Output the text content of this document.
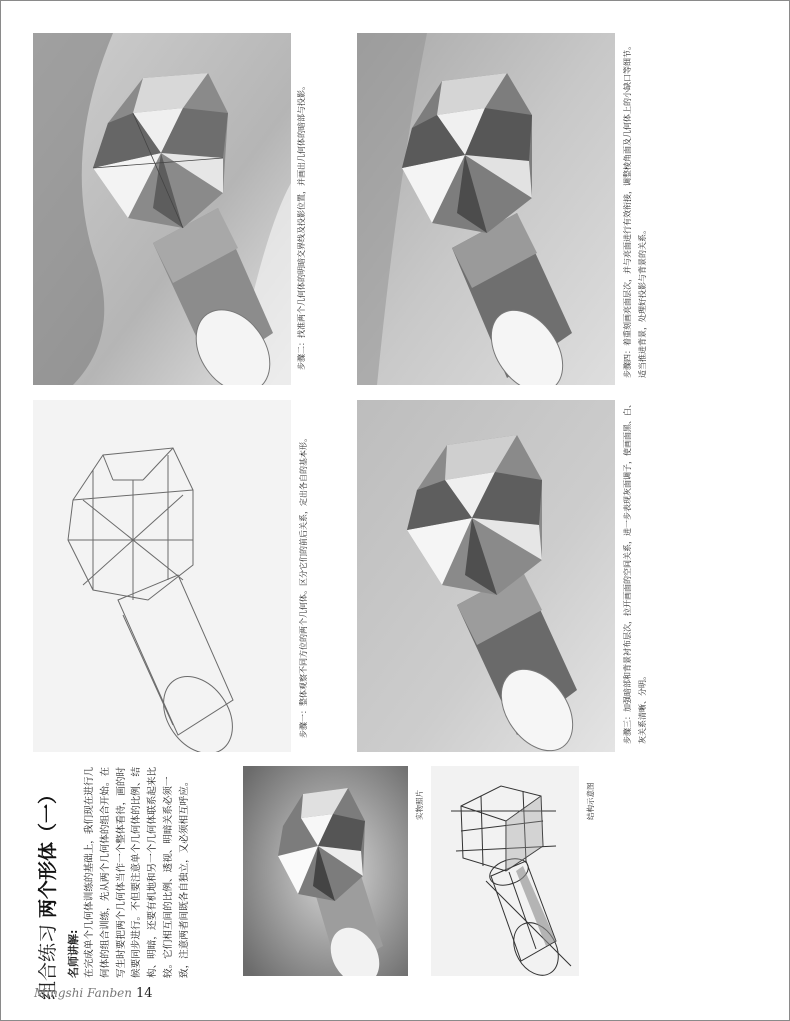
步骤二：找准两个几何体的明暗交界线及投影位置，并画出几何体的暗部与投影。	步骤四：着重刻画亮面层次，并与亮面进行有效衔接，调整棱角面及几何体上的小缺口等细节。 适当推进背景，处理好投影与背景的关系。
步骤一：整体观察不同方位的两个几何体。区分它们的前后关系，定出各自的基本形。	步骤三：加强暗部和背景衬布层次，拉开画面的空间关系，进一步表现灰面调子，使画面黑、白、 灰关系清晰、分明。
实物照片	结构示意图
组合练习两个形体（一）
名师讲解: 在完成单个几何体训练的基础上，我们现在进行几何体的组合训练，先从两个几何体的组合开始。在写生时要把两个几何体当作一个整体看待，画的时候要同步进行。不但要注意单个几何体的比例、结构、明暗，还要有机地和另一个几何体联系起来比较。它们相互间的比例、透视、明暗关系必须一致，注意两者间既各自独立，又必须相互呼应。
Mingshi Fanben 14
